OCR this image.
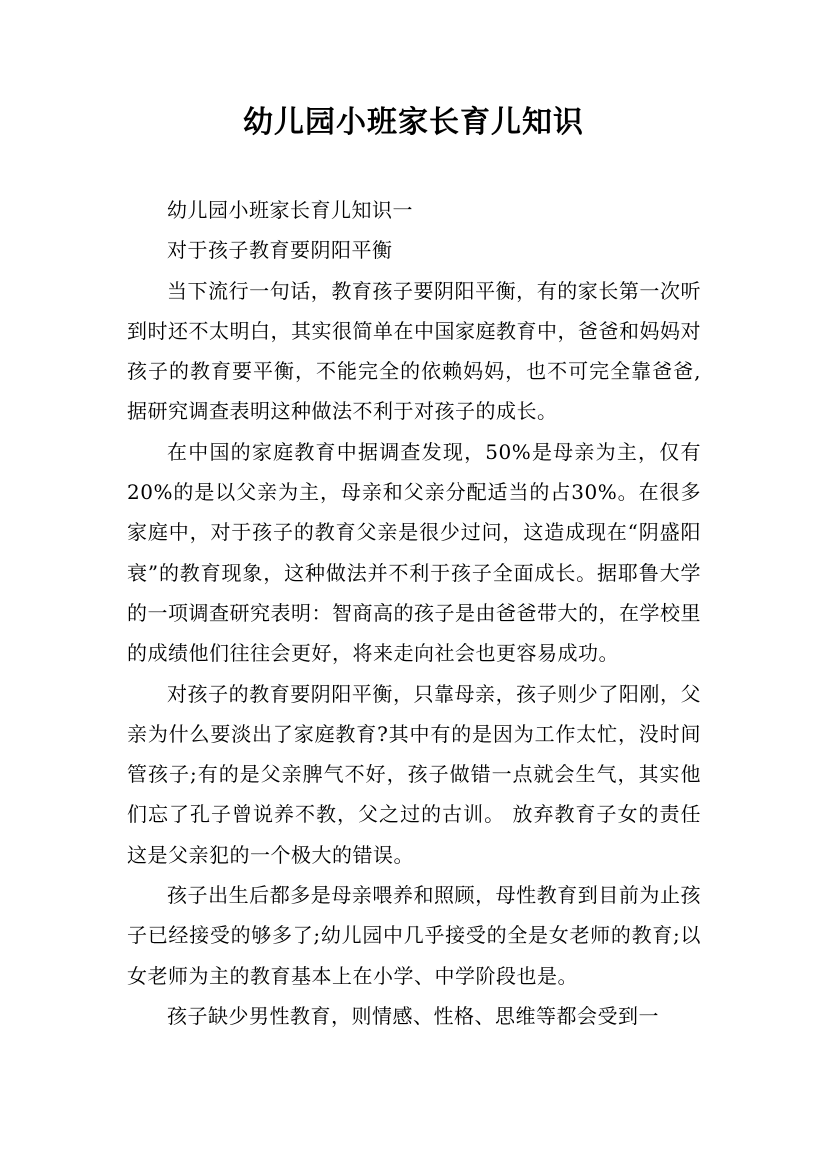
幼儿园小班家长育儿知识

幼儿园小班家长育儿知识一

对于孩子教育要阴阳平衡

当下流行一句话，教育孩子要阴阳平衡，有的家长第一次听到时还不太明白，其实很简单在中国家庭教育中，爸爸和妈妈对孩子的教育要平衡，不能完全的依赖妈妈，也不可完全靠爸爸,据研究调查表明这种做法不利于对孩子的成长。

在中国的家庭教育中据调查发现，50%是母亲为主，仅有20%的是以父亲为主，母亲和父亲分配适当的占30%。在很多家庭中，对于孩子的教育父亲是很少过问，这造成现在“阴盛阳衰”的教育现象，这种做法并不利于孩子全面成长。据耶鲁大学的一项调查研究表明：智商高的孩子是由爸爸带大的，在学校里的成绩他们往往会更好，将来走向社会也更容易成功。

对孩子的教育要阴阳平衡，只靠母亲，孩子则少了阳刚，父亲为什么要淡出了家庭教育?其中有的是因为工作太忙，没时间管孩子;有的是父亲脾气不好，孩子做错一点就会生气，其实他们忘了孔子曾说养不教，父之过的古训。 放弃教育子女的责任这是父亲犯的一个极大的错误。

孩子出生后都多是母亲喂养和照顾，母性教育到目前为止孩子已经接受的够多了;幼儿园中几乎接受的全是女老师的教育;以女老师为主的教育基本上在小学、中学阶段也是。

孩子缺少男性教育，则情感、性格、思维等都会受到一
